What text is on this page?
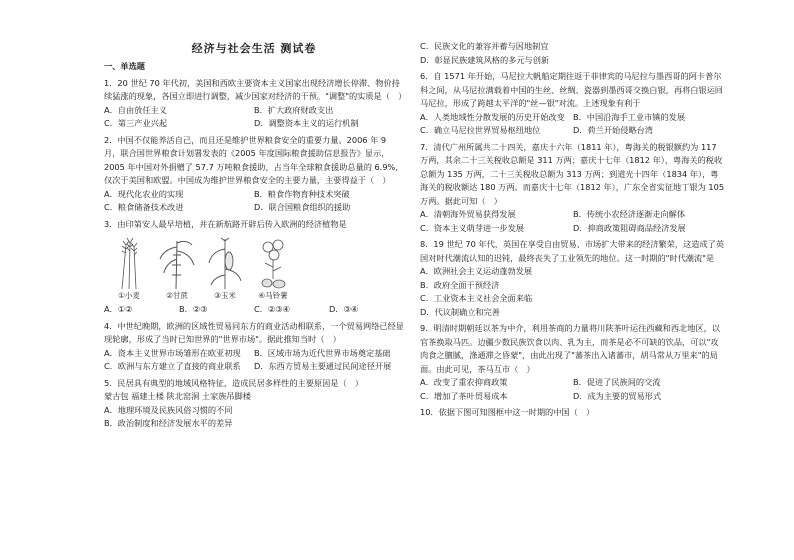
经济与社会生活 测试卷

一、单选题

1．20 世纪 70 年代初，美国和西欧主要资本主义国家出现经济增长停滞、物价持续猛涨的现象，各国立即进行调整，减少国家对经济的干预。"调整"的实质是（　）

A．自由放任主义	B．扩大政府财政支出
C．第三产业兴起	D．调整资本主义的运行机制

2．中国不仅能养活自己，而且还是维护世界粮食安全的重要力量。2006 年 9 月，联合国世界粮食计划署发表的《2005 年度国际粮食援助信息报告》显示，2005 年中国对外捐赠了 57.7 万吨粮食援助，占当年全球粮食援助总量的 6.9%,仅次于美国和欧盟。中国成为维护世界粮食安全的主要力量，主要得益于（　）

A．现代化农业的实现	B．粮食作物育种技术突破
C．粮食储备技术改进	D．联合国粮食组织的援助

3．由印第安人最早培植，并在新航路开辟后传入欧洲的经济植物是

①小麦	②甘蔗	③玉米	④马铃薯
A．①②	B．②③	C．②③④	D．③④

4．中世纪晚期，欧洲的区域性贸易同东方的商业活动相联系，一个贸易网络已经显现轮廓，形成了当时已知世界的"世界市场"。据此推知当时（　）

A．资本主义世界市场雏形在欧亚初现	B．区域市场为近代世界市场奠定基础
C．欧洲与东方建立了直接的商业联系	D．东西方贸易主要通过民间途径开展

5．民居具有典型的地域风格特征，造成民居多样性的主要原因是（　）

蒙古包 福建土楼 陕北窑洞 土家族吊脚楼

A．地理环境及民族风俗习惯的不同

B．政治制度和经济发展水平的差异

C．民族文化的兼容并蓄与因地制宜

D．彰显民族建筑风格的多元与创新

6．自 1571 年开始，马尼拉大帆船定期往返于菲律宾的马尼拉与墨西哥的阿卡普尔科之间，从马尼拉满载着中国的生丝、丝绸、瓷器到墨西哥交换白银，再将白银运回马尼拉，形成了跨越太平洋的"丝—银"对流。上述现象有利于

A．人类地域性分散发展的历史开始改变	B．中国沿海手工业市镇的发展
C．确立马尼拉世界贸易枢纽地位	D．荷兰开始侵略台湾

7．清代广州所属共二十四关，嘉庆十六年（1811 年），粤海关的税银额约为 117 万两，其余二十三关税收总额是 311 万两；嘉庆十七年（1812 年），粤海关的税收总额为 135 万两，二十三关税收总额为 313 万两；到道光十四年（1834 年），粤海关的税收额达 180 万两。而嘉庆十七年（1812 年），广东全省实征地丁银为 105 万两。据此可知（　）

A．清朝海外贸易获得发展	B．传统小农经济逐渐走向解体
C．资本主义萌芽进一步发展	D．抑商政策阻碍商品经济发展

8．19 世纪 70 年代，英国在享受自由贸易、市场扩大带来的经济繁荣，这造成了英国对时代潮流认知的迟钝，最终丧失了工业领先的地位。这一时期的"时代潮流"是

A．欧洲社会主义运动蓬勃发展

B．政府全面干预经济

C．工业资本主义社会全面来临

D．代议制确立和完善

9．明清时期朝廷以茶为中介，利用茶商的力量将川陕茶叶运往西藏和西北地区，以官茶换取马匹。边疆少数民族饮食以肉、乳为主，而茶是必不可缺的饮品，可以"攻肉食之膻腻，涤通滞之昏蒙"，由此出现了"蕃茶出入诸蕃市，胡马常从万里来"的局面。由此可见，茶马互市（　）

A．改变了重农抑商政策	B．促进了民族间的交流
C．增加了茶叶贸易成本	D．成为主要的贸易形式

10．依据下图可知图框中这一时期的中国（　）
